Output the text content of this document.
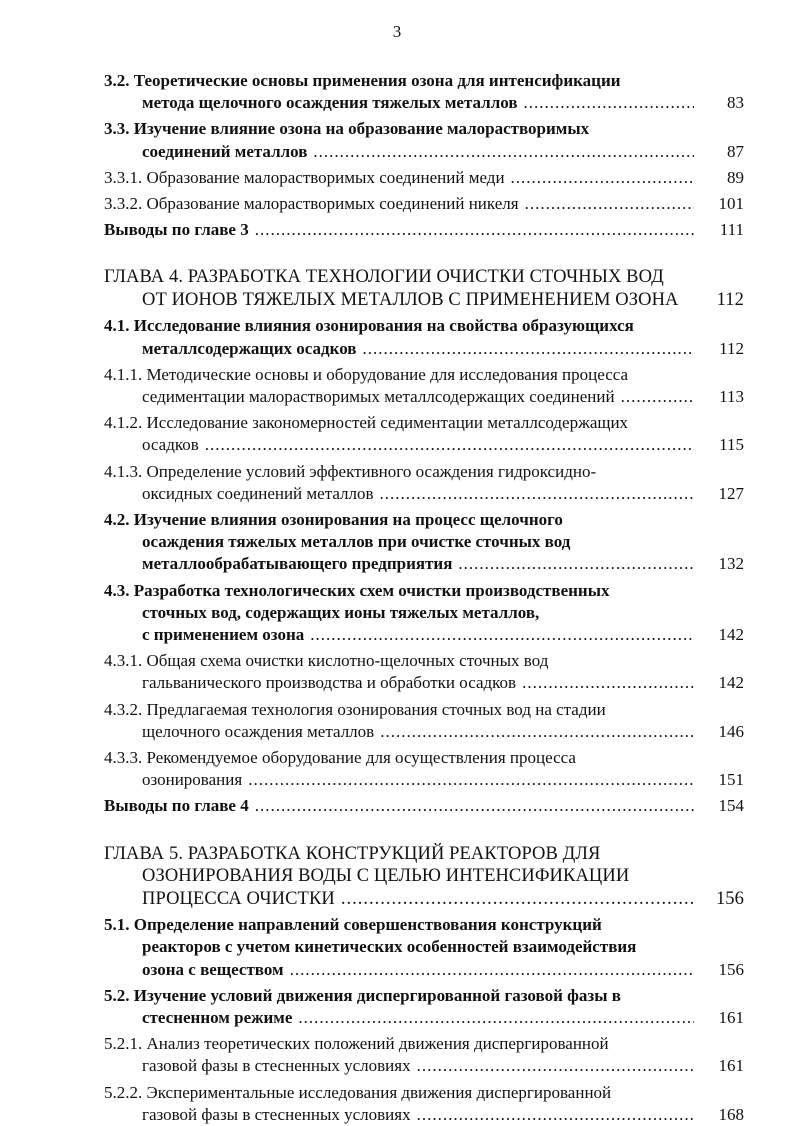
3
3.2. Теоретические основы применения озона для интенсификации
метода щелочного осаждения тяжелых металлов .....	83
3.3. Изучение влияние озона на образование малорастворимых
соединений металлов .....	87
3.3.1. Образование малорастворимых соединений меди .....	89
3.3.2. Образование малорастворимых соединений никеля .....	101
Выводы по главе 3 .....	111
ГЛАВА 4. РАЗРАБОТКА ТЕХНОЛОГИИ ОЧИСТКИ СТОЧНЫХ ВОД
ОТ ИОНОВ ТЯЖЕЛЫХ МЕТАЛЛОВ С ПРИМЕНЕНИЕМ ОЗОНА	112
4.1. Исследование влияния озонирования на свойства образующихся
металлсодержащих осадков .....	112
4.1.1. Методические основы и оборудование для исследования процесса
седиментации малорастворимых металлсодержащих соединений .....	113
4.1.2. Исследование закономерностей седиментации металлсодержащих
осадков .....	115
4.1.3. Определение условий эффективного осаждения гидроксидно-
оксидных соединений металлов .....	127
4.2. Изучение влияния озонирования на процесс щелочного
осаждения тяжелых металлов при очистке сточных вод
металлообрабатывающего предприятия .....	132
4.3. Разработка технологических схем очистки производственных
сточных вод, содержащих ионы тяжелых металлов,
с применением озона .....	142
4.3.1. Общая схема очистки кислотно-щелочных сточных вод
гальванического производства и обработки осадков .....	142
4.3.2. Предлагаемая технология озонирования сточных вод на стадии
щелочного осаждения металлов .....	146
4.3.3. Рекомендуемое оборудование для осуществления процесса
озонирования .....	151
Выводы по главе 4 .....	154
ГЛАВА 5. РАЗРАБОТКА КОНСТРУКЦИЙ РЕАКТОРОВ ДЛЯ
ОЗОНИРОВАНИЯ ВОДЫ С ЦЕЛЬЮ ИНТЕНСИФИКАЦИИ
ПРОЦЕССА ОЧИСТКИ .....	156
5.1. Определение направлений совершенствования конструкций
реакторов с учетом кинетических особенностей взаимодействия
озона с веществом .....	156
5.2. Изучение условий движения диспергированной газовой фазы в
стесненном режиме .....	161
5.2.1. Анализ теоретических положений движения диспергированной
газовой фазы в стесненных условиях .....	161
5.2.2. Экспериментальные исследования движения диспергированной
газовой фазы в стесненных условиях .....	168
